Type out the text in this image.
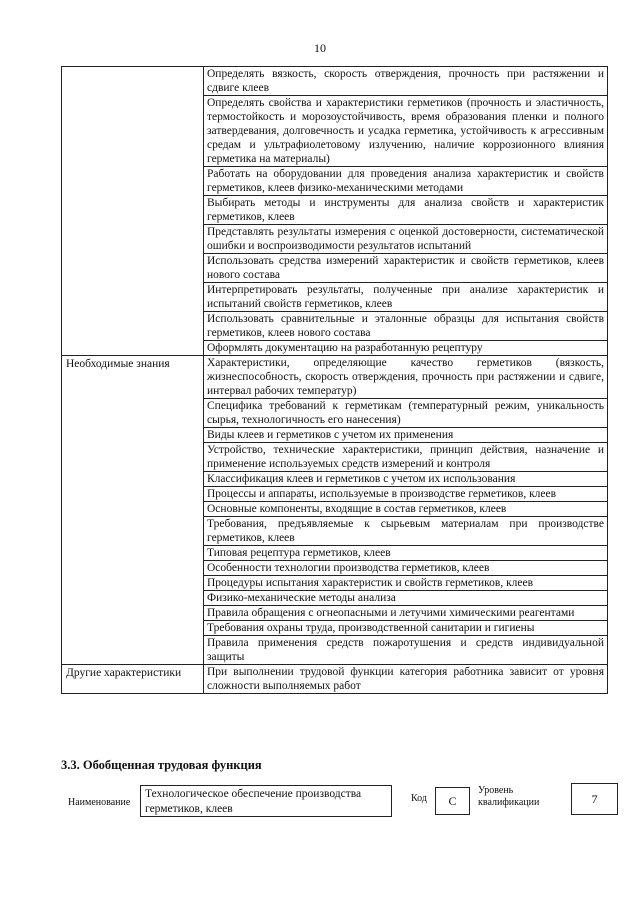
10
	Определять вязкость, скорость отверждения, прочность при растяжении и сдвиге клеев
	Определять свойства и характеристики герметиков (прочность и эластичность, термостойкость и морозоустойчивость, время образования пленки и полного затвердевания, долговечность и усадка герметика, устойчивость к агрессивным средам и ультрафиолетовому излучению, наличие коррозионного влияния герметика на материалы)
	Работать на оборудовании для проведения анализа характеристик и свойств герметиков, клеев физико-механическими методами
	Выбирать методы и инструменты для анализа свойств и характеристик герметиков, клеев
	Представлять результаты измерения с оценкой достоверности, систематической ошибки и воспроизводимости результатов испытаний
	Использовать средства измерений характеристик и свойств герметиков, клеев нового состава
	Интерпретировать результаты, полученные при анализе характеристик и испытаний свойств герметиков, клеев
	Использовать сравнительные и эталонные образцы для испытания свойств герметиков, клеев нового состава
	Оформлять документацию на разработанную рецептуру
Необходимые знания	Характеристики, определяющие качество герметиков (вязкость, жизнеспособность, скорость отверждения, прочность при растяжении и сдвиге, интервал рабочих температур)
	Специфика требований к герметикам (температурный режим, уникальность сырья, технологичность его нанесения)
	Виды клеев и герметиков с учетом их применения
	Устройство, технические характеристики, принцип действия, назначение и применение используемых средств измерений и контроля
	Классификация клеев и герметиков с учетом их использования
	Процессы и аппараты, используемые в производстве герметиков, клеев
	Основные компоненты, входящие в состав герметиков, клеев
	Требования, предъявляемые к сырьевым материалам при производстве герметиков, клеев
	Типовая рецептура герметиков, клеев
	Особенности технологии производства герметиков, клеев
	Процедуры испытания характеристик и свойств герметиков, клеев
	Физико-механические методы анализа
	Правила обращения с огнеопасными и летучими химическими реагентами
	Требования охраны труда, производственной санитарии и гигиены
	Правила применения средств пожаротушения и средств индивидуальной защиты
Другие характеристики	При выполнении трудовой функции категория работника зависит от уровня сложности выполняемых работ
3.3. Обобщенная трудовая функция
Наименование
Технологическое обеспечение производства герметиков, клеев
Код	C
Уровень квалификации	7
